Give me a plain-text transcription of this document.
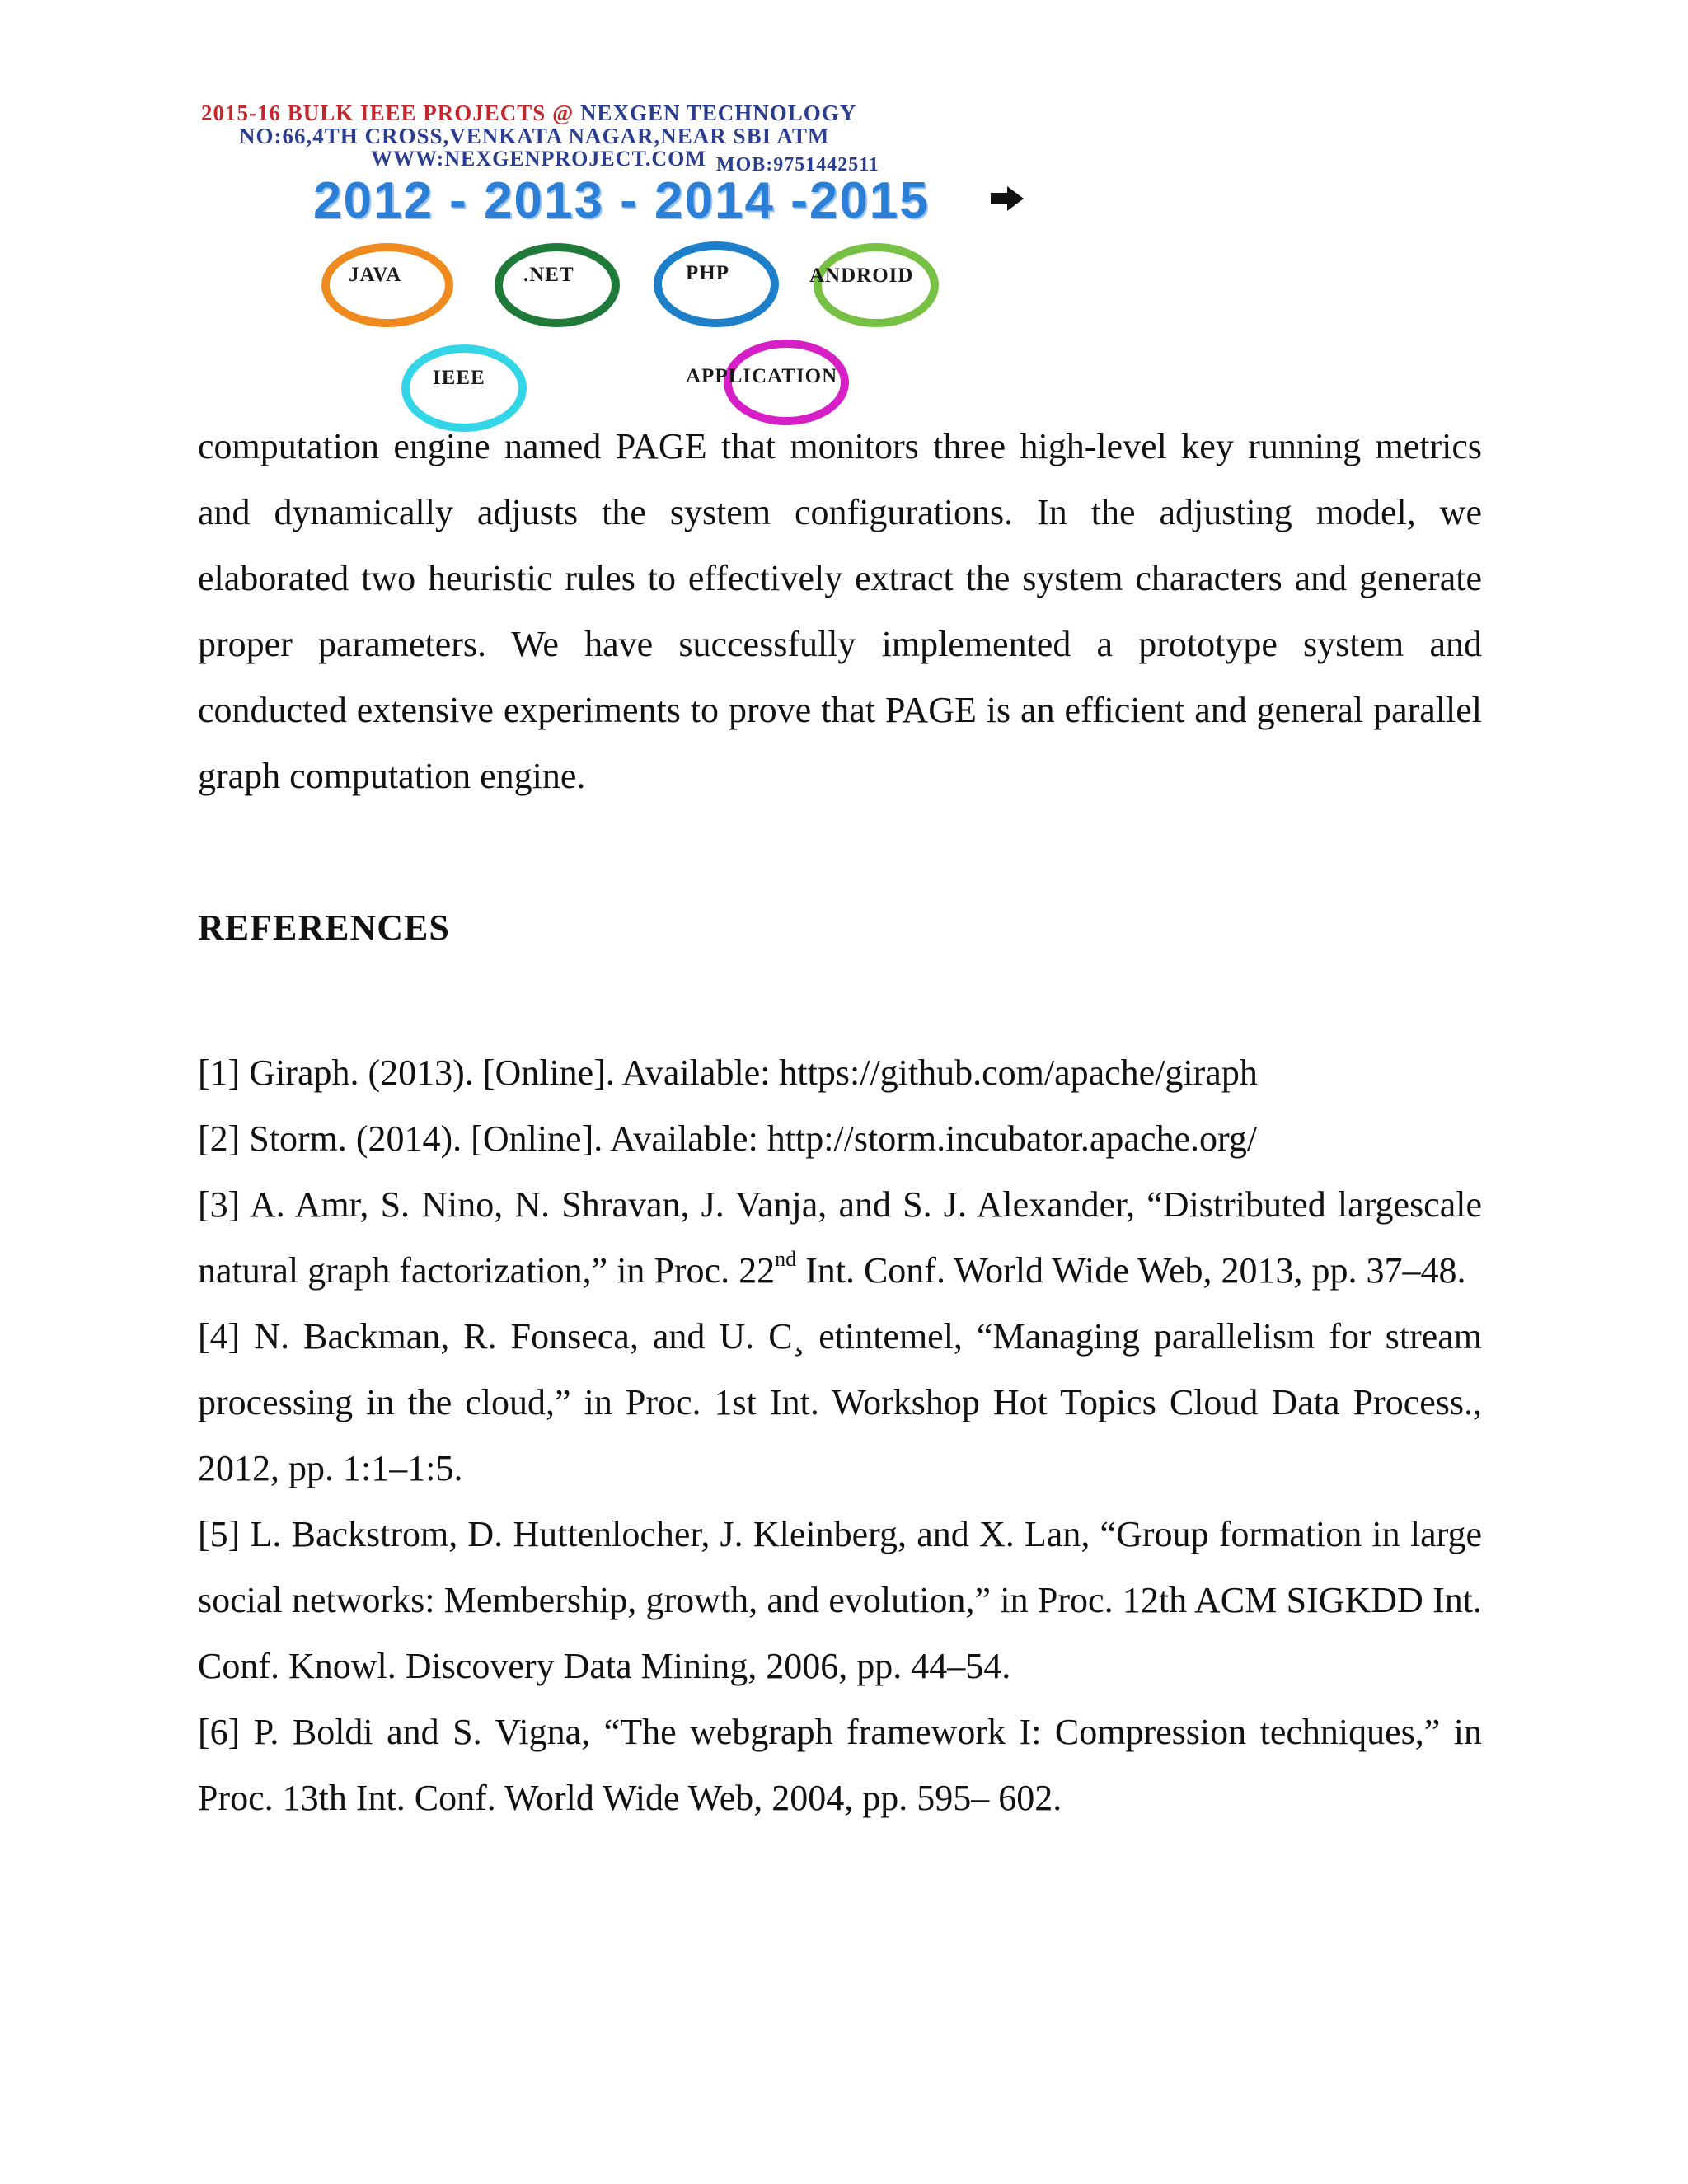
2015-16 BULK IEEE PROJECTS @ NEXGEN TECHNOLOGY
NO:66,4TH CROSS,VENKATA NAGAR,NEAR SBI ATM
WWW:NEXGENPROJECT.COM MOB:9751442511
2012 - 2013 - 2014 -2015
JAVA	.NET	PHP	ANDROID
IEEE	APPLICATION

computation engine named PAGE that monitors three high-level key running metrics and dynamically adjusts the system configurations. In the adjusting model, we elaborated two heuristic rules to effectively extract the system characters and generate proper parameters. We have successfully implemented a prototype system and conducted extensive experiments to prove that PAGE is an efficient and general parallel graph computation engine.

REFERENCES
[1] Giraph. (2013). [Online]. Available: https://github.com/apache/giraph
[2] Storm. (2014). [Online]. Available: http://storm.incubator.apache.org/
[3] A. Amr, S. Nino, N. Shravan, J. Vanja, and S. J. Alexander, “Distributed largescale natural graph factorization,” in Proc. 22nd Int. Conf. World Wide Web, 2013, pp. 37–48.
[4] N. Backman, R. Fonseca, and U. C¸ etintemel, “Managing parallelism for stream processing in the cloud,” in Proc. 1st Int. Workshop Hot Topics Cloud Data Process., 2012, pp. 1:1–1:5.
[5] L. Backstrom, D. Huttenlocher, J. Kleinberg, and X. Lan, “Group formation in large social networks: Membership, growth, and evolution,” in Proc. 12th ACM SIGKDD Int. Conf. Knowl. Discovery Data Mining, 2006, pp. 44–54.
[6] P. Boldi and S. Vigna, “The webgraph framework I: Compression techniques,” in Proc. 13th Int. Conf. World Wide Web, 2004, pp. 595– 602.
